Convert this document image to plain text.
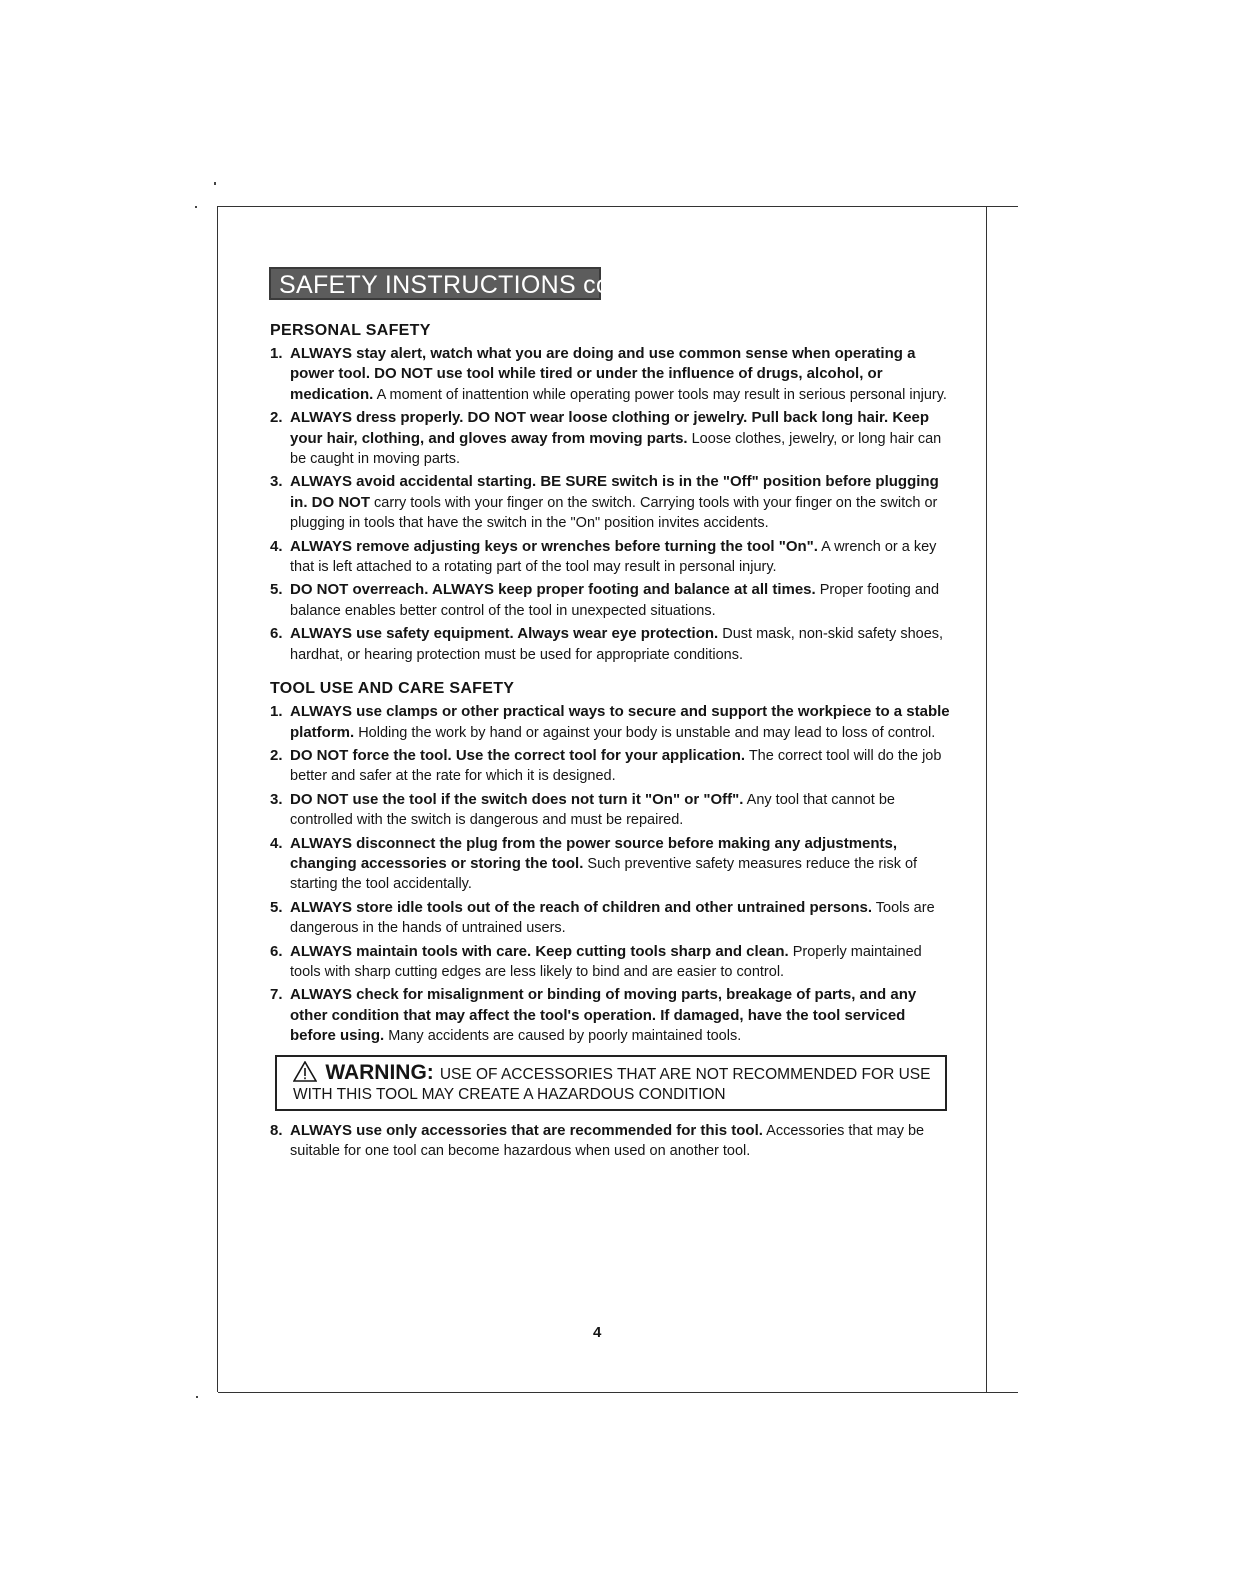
SAFETY INSTRUCTIONS cont.
PERSONAL SAFETY
1. ALWAYS stay alert, watch what you are doing and use common sense when operating a power tool. DO NOT use tool while tired or under the influence of drugs, alcohol, or medication. A moment of inattention while operating power tools may result in serious personal injury.
2. ALWAYS dress properly. DO NOT wear loose clothing or jewelry. Pull back long hair. Keep your hair, clothing, and gloves away from moving parts. Loose clothes, jewelry, or long hair can be caught in moving parts.
3. ALWAYS avoid accidental starting. BE SURE switch is in the "Off" position before plugging in. DO NOT carry tools with your finger on the switch. Carrying tools with your finger on the switch or plugging in tools that have the switch in the "On" position invites accidents.
4. ALWAYS remove adjusting keys or wrenches before turning the tool "On". A wrench or a key that is left attached to a rotating part of the tool may result in personal injury.
5. DO NOT overreach. ALWAYS keep proper footing and balance at all times. Proper footing and balance enables better control of the tool in unexpected situations.
6. ALWAYS use safety equipment. Always wear eye protection. Dust mask, non-skid safety shoes, hardhat, or hearing protection must be used for appropriate conditions.
TOOL USE AND CARE SAFETY
1. ALWAYS use clamps or other practical ways to secure and support the workpiece to a stable platform. Holding the work by hand or against your body is unstable and may lead to loss of control.
2. DO NOT force the tool. Use the correct tool for your application. The correct tool will do the job better and safer at the rate for which it is designed.
3. DO NOT use the tool if the switch does not turn it "On" or "Off". Any tool that cannot be controlled with the switch is dangerous and must be repaired.
4. ALWAYS disconnect the plug from the power source before making any adjustments, changing accessories or storing the tool. Such preventive safety measures reduce the risk of starting the tool accidentally.
5. ALWAYS store idle tools out of the reach of children and other untrained persons. Tools are dangerous in the hands of untrained users.
6. ALWAYS maintain tools with care. Keep cutting tools sharp and clean. Properly maintained tools with sharp cutting edges are less likely to bind and are easier to control.
7. ALWAYS check for misalignment or binding of moving parts, breakage of parts, and any other condition that may affect the tool's operation. If damaged, have the tool serviced before using. Many accidents are caused by poorly maintained tools.
WARNING: USE OF ACCESSORIES THAT ARE NOT RECOMMENDED FOR USE WITH THIS TOOL MAY CREATE A HAZARDOUS CONDITION
8. ALWAYS use only accessories that are recommended for this tool. Accessories that may be suitable for one tool can become hazardous when used on another tool.
4
